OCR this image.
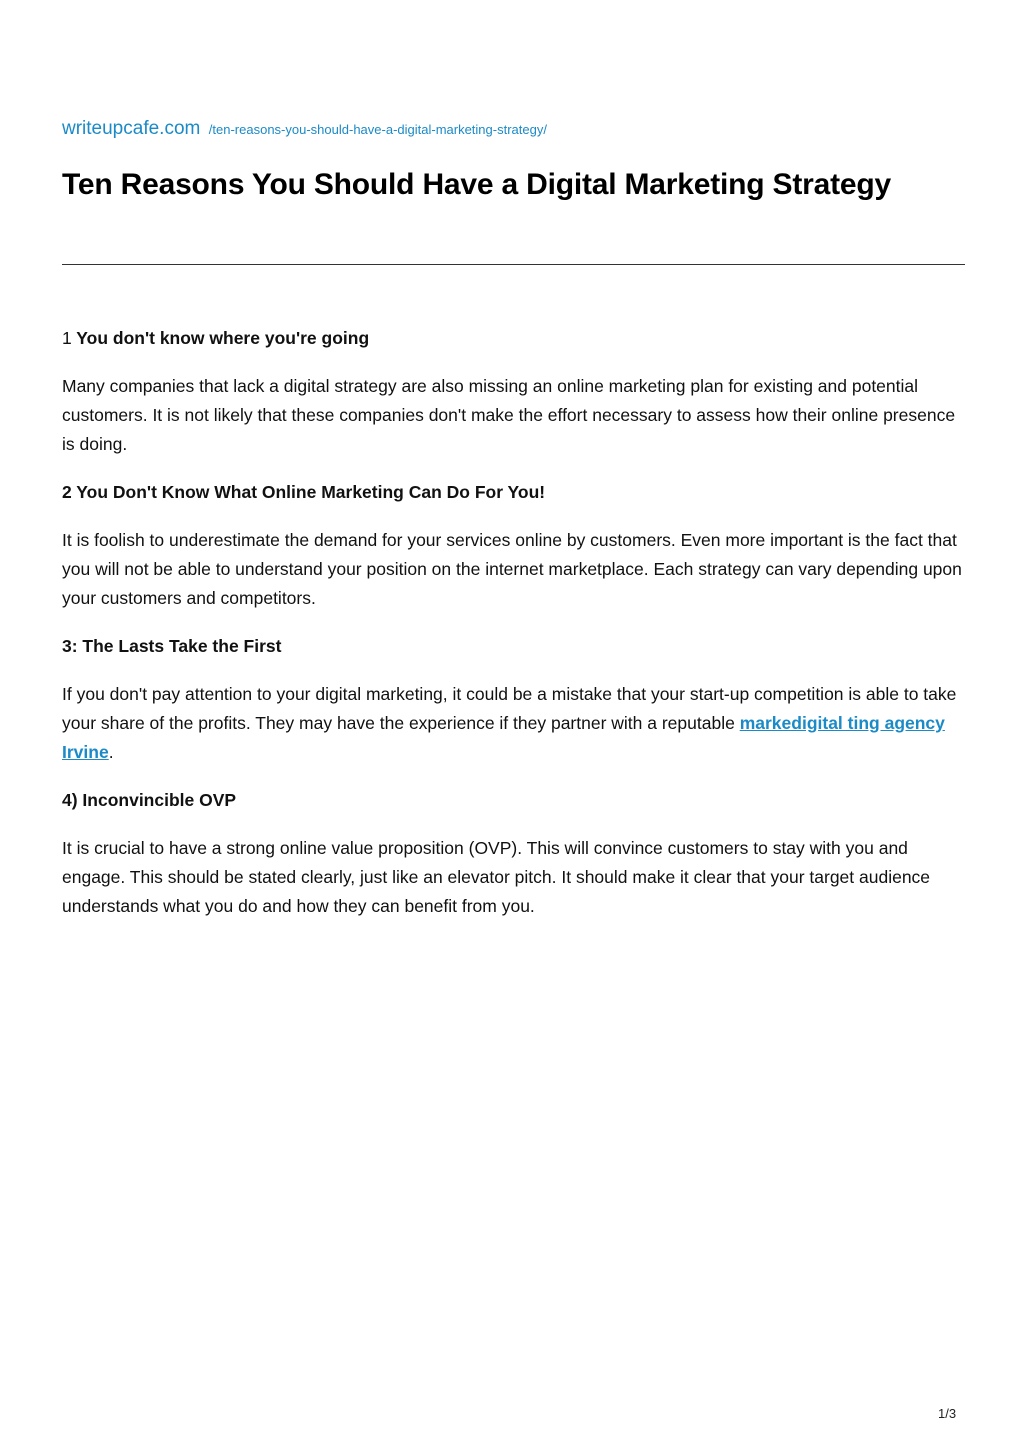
writeupcafe.com /ten-reasons-you-should-have-a-digital-marketing-strategy/
Ten Reasons You Should Have a Digital Marketing Strategy

1 You don't know where you're going

Many companies that lack a digital strategy are also missing an online marketing plan for existing and potential customers. It is not likely that these companies don't make the effort necessary to assess how their online presence is doing.

2 You Don't Know What Online Marketing Can Do For You!

It is foolish to underestimate the demand for your services online by customers. Even more important is the fact that you will not be able to understand your position on the internet marketplace. Each strategy can vary depending upon your customers and competitors.

3: The Lasts Take the First

If you don't pay attention to your digital marketing, it could be a mistake that your start-up competition is able to take your share of the profits. They may have the experience if they partner with a reputable markedigital ting agency Irvine.

4) Inconvincible OVP

It is crucial to have a strong online value proposition (OVP). This will convince customers to stay with you and engage. This should be stated clearly, just like an elevator pitch. It should make it clear that your target audience understands what you do and how they can benefit from you.

1/3
